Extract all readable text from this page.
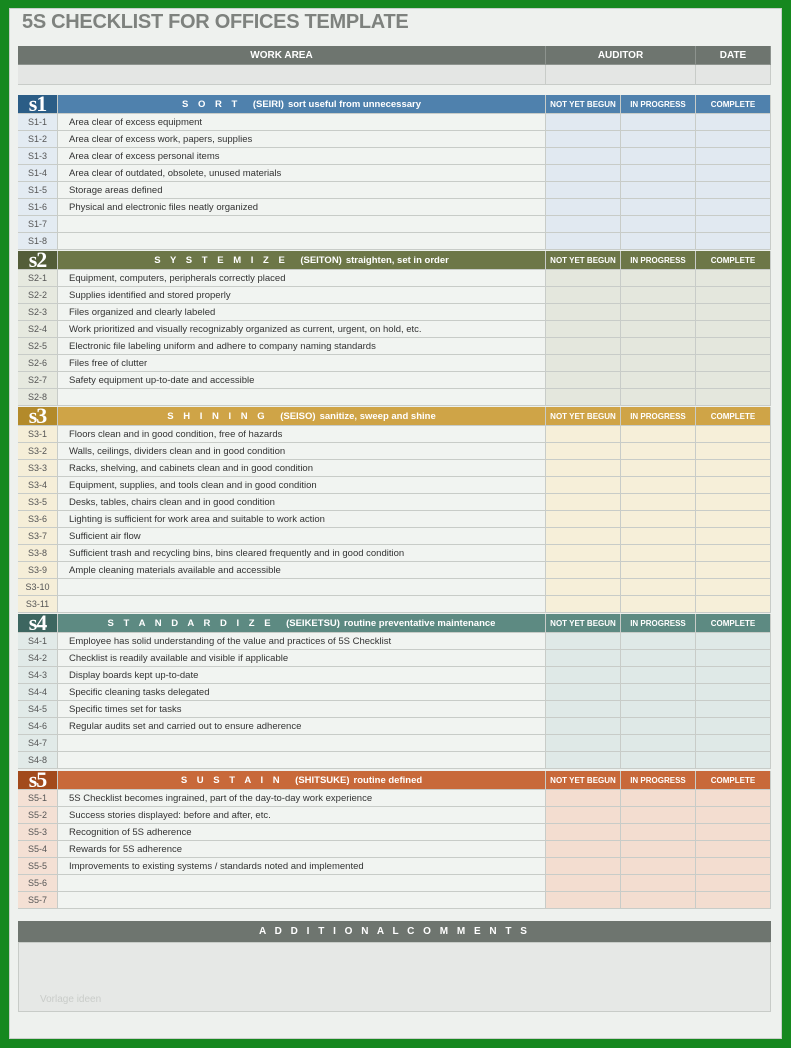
5S CHECKLIST FOR OFFICES TEMPLATE
WORK AREA	AUDITOR	DATE
s1	S O R T (SEIRI) sort useful from unnecessary	NOT YET BEGUN	IN PROGRESS	COMPLETE
S1-1	Area clear of excess equipment
S1-2	Area clear of excess work, papers, supplies
S1-3	Area clear of excess personal items
S1-4	Area clear of outdated, obsolete, unused materials
S1-5	Storage areas defined
S1-6	Physical and electronic files neatly organized
S1-7
S1-8
s2	S Y S T E M I Z E (SEITON) straighten, set in order	NOT YET BEGUN	IN PROGRESS	COMPLETE
S2-1	Equipment, computers, peripherals correctly placed
S2-2	Supplies identified and stored properly
S2-3	Files organized and clearly labeled
S2-4	Work prioritized and visually recognizably organized as current, urgent, on hold, etc.
S2-5	Electronic file labeling uniform and adhere to company naming standards
S2-6	Files free of clutter
S2-7	Safety equipment up-to-date and accessible
S2-8
s3	S H I N I N G (SEISO) sanitize, sweep and shine	NOT YET BEGUN	IN PROGRESS	COMPLETE
S3-1	Floors clean and in good condition, free of hazards
S3-2	Walls, ceilings, dividers clean and in good condition
S3-3	Racks, shelving, and cabinets clean and in good condition
S3-4	Equipment, supplies, and tools clean and in good condition
S3-5	Desks, tables, chairs clean and in good condition
S3-6	Lighting is sufficient for work area and suitable to work action
S3-7	Sufficient air flow
S3-8	Sufficient trash and recycling bins, bins cleared frequently and in good condition
S3-9	Ample cleaning materials available and accessible
S3-10
S3-11
s4	S T A N D A R D I Z E (SEIKETSU) routine preventative maintenance	NOT YET BEGUN	IN PROGRESS	COMPLETE
S4-1	Employee has solid understanding of the value and practices of 5S Checklist
S4-2	Checklist is readily available and visible if applicable
S4-3	Display boards kept up-to-date
S4-4	Specific cleaning tasks delegated
S4-5	Specific times set for tasks
S4-6	Regular audits set and carried out to ensure adherence
S4-7
S4-8
s5	S U S T A I N (SHITSUKE) routine defined	NOT YET BEGUN	IN PROGRESS	COMPLETE
S5-1	5S Checklist becomes ingrained, part of the day-to-day work experience
S5-2	Success stories displayed: before and after, etc.
S5-3	Recognition of 5S adherence
S5-4	Rewards for 5S adherence
S5-5	Improvements to existing systems / standards noted and implemented
S5-6
S5-7
A D D I T I O N A L C O M M E N T S
Vorlage ideen
